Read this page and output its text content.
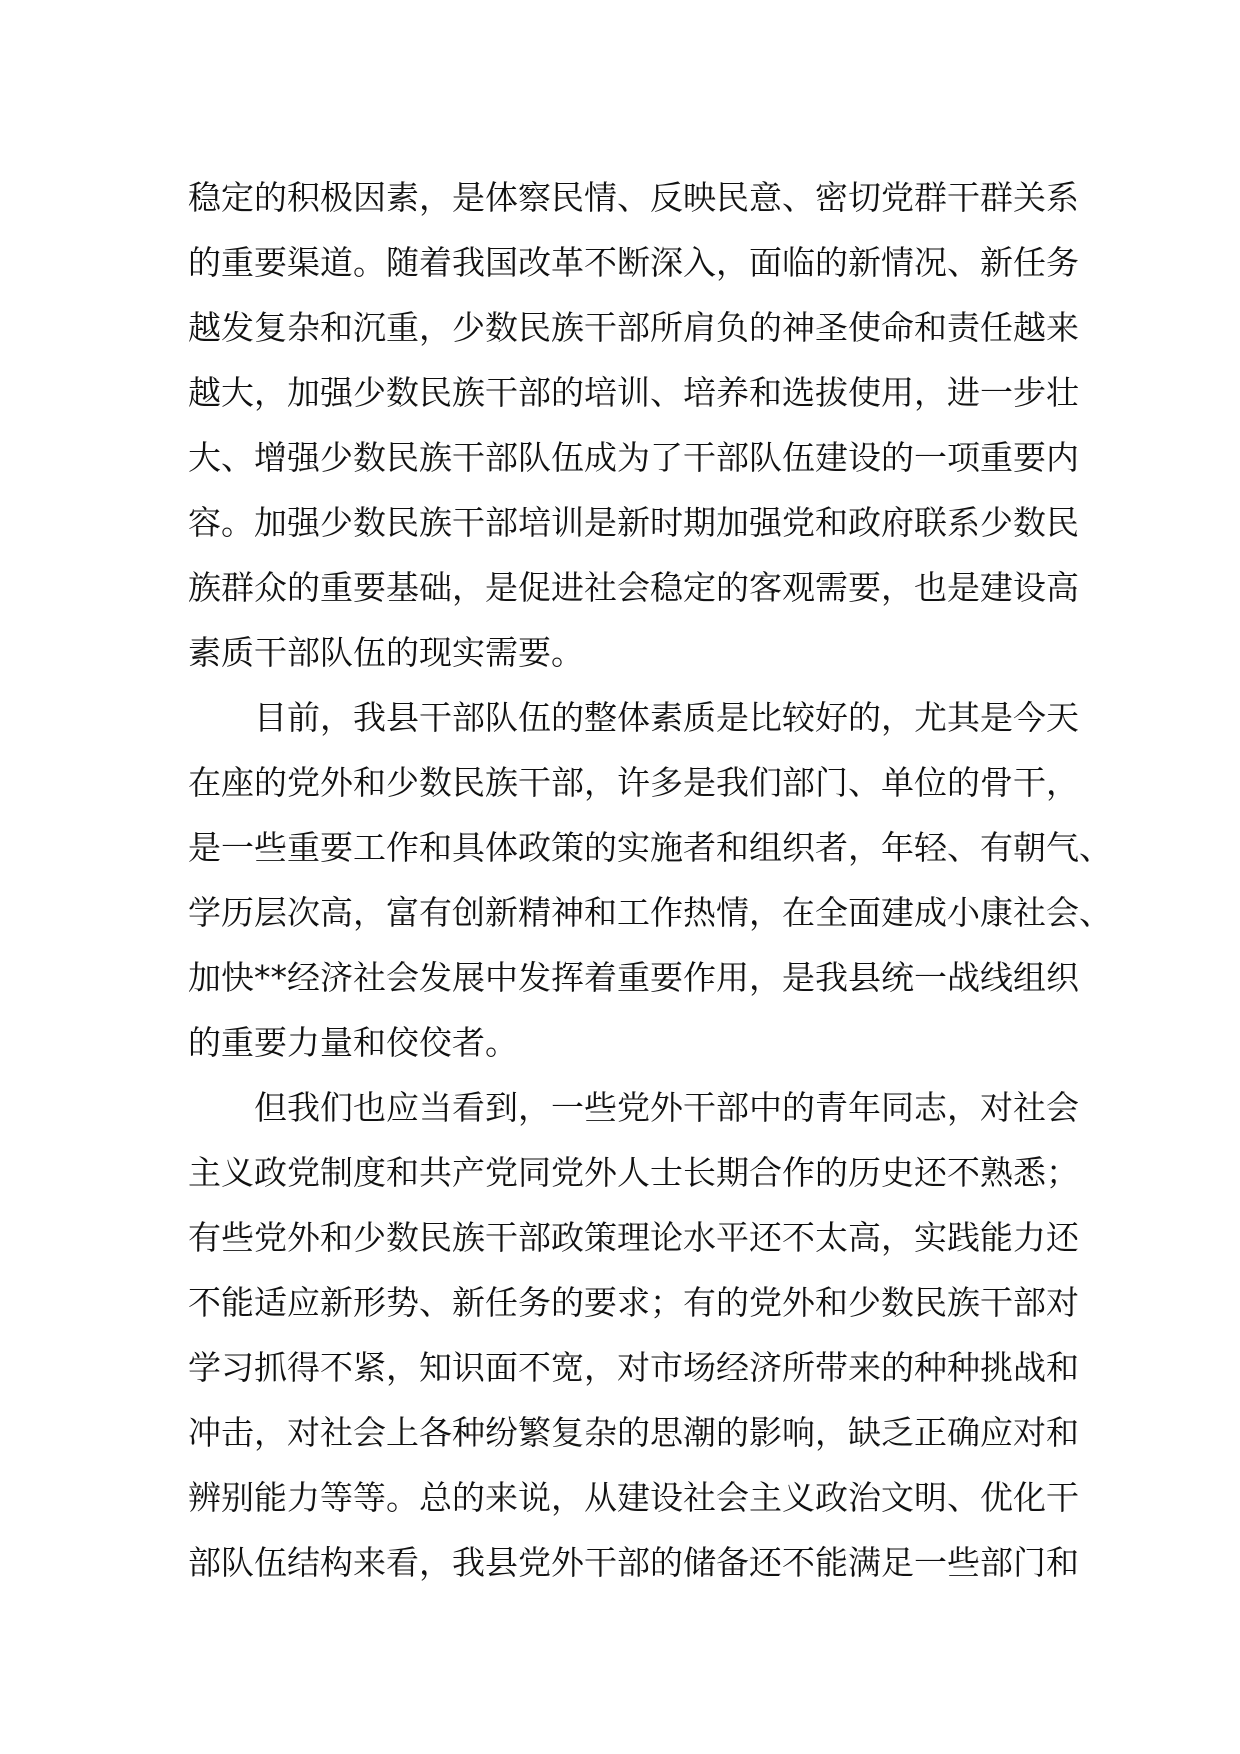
稳定的积极因素，是体察民情、反映民意、密切党群干群关系
的重要渠道。随着我国改革不断深入，面临的新情况、新任务
越发复杂和沉重，少数民族干部所肩负的神圣使命和责任越来
越大，加强少数民族干部的培训、培养和选拔使用，进一步壮
大、增强少数民族干部队伍成为了干部队伍建设的一项重要内
容。加强少数民族干部培训是新时期加强党和政府联系少数民
族群众的重要基础，是促进社会稳定的客观需要，也是建设高
素质干部队伍的现实需要。
目前，我县干部队伍的整体素质是比较好的，尤其是今天
在座的党外和少数民族干部，许多是我们部门、单位的骨干，
是一些重要工作和具体政策的实施者和组织者，年轻、有朝气、
学历层次高，富有创新精神和工作热情，在全面建成小康社会、
加快**经济社会发展中发挥着重要作用，是我县统一战线组织
的重要力量和佼佼者。
但我们也应当看到，一些党外干部中的青年同志，对社会
主义政党制度和共产党同党外人士长期合作的历史还不熟悉；
有些党外和少数民族干部政策理论水平还不太高，实践能力还
不能适应新形势、新任务的要求；有的党外和少数民族干部对
学习抓得不紧，知识面不宽，对市场经济所带来的种种挑战和
冲击，对社会上各种纷繁复杂的思潮的影响，缺乏正确应对和
辨别能力等等。总的来说，从建设社会主义政治文明、优化干
部队伍结构来看，我县党外干部的储备还不能满足一些部门和
